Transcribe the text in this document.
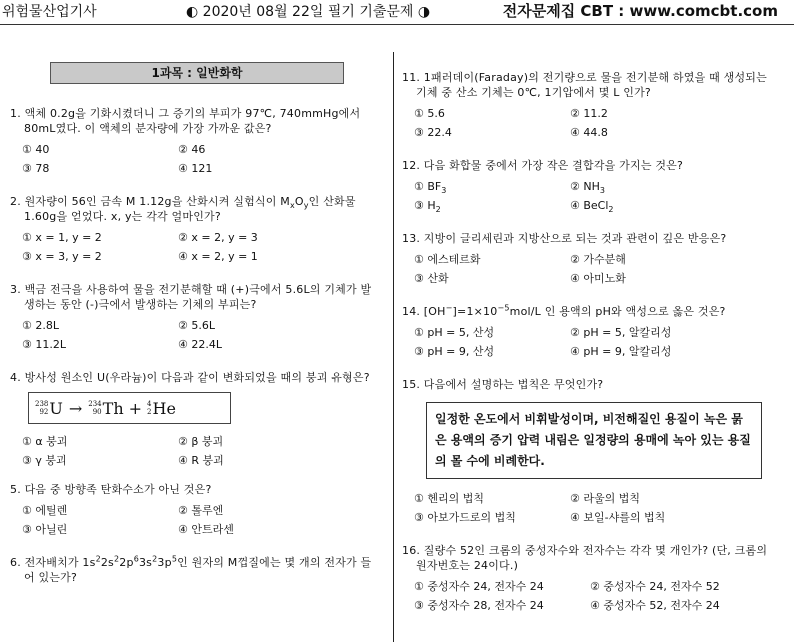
위험물산업기사	◐ 2020년 08월 22일 필기 기출문제 ◑	전자문제집 CBT : www.comcbt.com
1과목 : 일반화학
1. 액체 0.2g을 기화시켰더니 그 증기의 부피가 97℃, 740mmHg에서 80mL였다. 이 액체의 분자량에 가장 가까운 값은?
① 40	② 46
③ 78	④ 121
2. 원자량이 56인 금속 M 1.12g을 산화시켜 실험식이 $M_xO_y$인 산화물 1.60g을 얻었다. x, y는 각각 얼마인가?
① x = 1, y = 2	② x = 2, y = 3
③ x = 3, y = 2	④ x = 2, y = 1
3. 백금 전극을 사용하여 물을 전기분해할 때 (+)극에서 5.6L의 기체가 발생하는 동안 (-)극에서 발생하는 기체의 부피는?
① 2.8L	② 5.6L
③ 11.2L	④ 22.4L
4. 방사성 원소인 U(우라늄)이 다음과 같이 변화되었을 때의 붕괴 유형은?
238
92 U → 234
90 Th + 4
2 He
① α 붕괴	② β 붕괴
③ γ 붕괴	④ R 붕괴
5. 다음 중 방향족 탄화수소가 아닌 것은?
① 에틸렌	② 톨루엔
③ 아닐린	④ 안트라센
6. 전자배치가 $1s^22s^22p^63s^23p^5$인 원자의 M껍질에는 몇 개의 전자가 들어 있는가?
11. 1패러데이(Faraday)의 전기량으로 물을 전기분해 하였을 때 생성되는 기체 중 산소 기체는 0℃, 1기압에서 몇 L 인가?
① 5.6	② 11.2
③ 22.4	④ 44.8
12. 다음 화합물 중에서 가장 작은 결합각을 가지는 것은?
① $BF_3$	② $NH_3$
③ $H_2$	④ BeCl$_2$
13. 지방이 글리세린과 지방산으로 되는 것과 관련이 깊은 반응은?
① 에스테르화	② 가수분해
③ 산화	④ 아미노화
14. $[OH^-]=1\times 10^{-5}mol/L$ 인 용액의 pH와 액성으로 옳은 것은?
① pH = 5, 산성	② pH = 5, 알칼리성
③ pH = 9, 산성	④ pH = 9, 알칼리성
15. 다음에서 설명하는 법칙은 무엇인가?
일정한 온도에서 비휘발성이며, 비전해질인 용질이 녹은 묽은 용액의 증기 압력 내림은 일정량의 용매에 녹아 있는 용질의 몰 수에 비례한다.
① 헨리의 법칙	② 라울의 법칙
③ 아보가드로의 법칙	④ 보일-샤를의 법칙
16. 질량수 52인 크롬의 중성자수와 전자수는 각각 몇 개인가? (단, 크롬의 원자번호는 24이다.)
① 중성자수 24, 전자수 24	② 중성자수 24, 전자수 52
③ 중성자수 28, 전자수 24	④ 중성자수 52, 전자수 24
